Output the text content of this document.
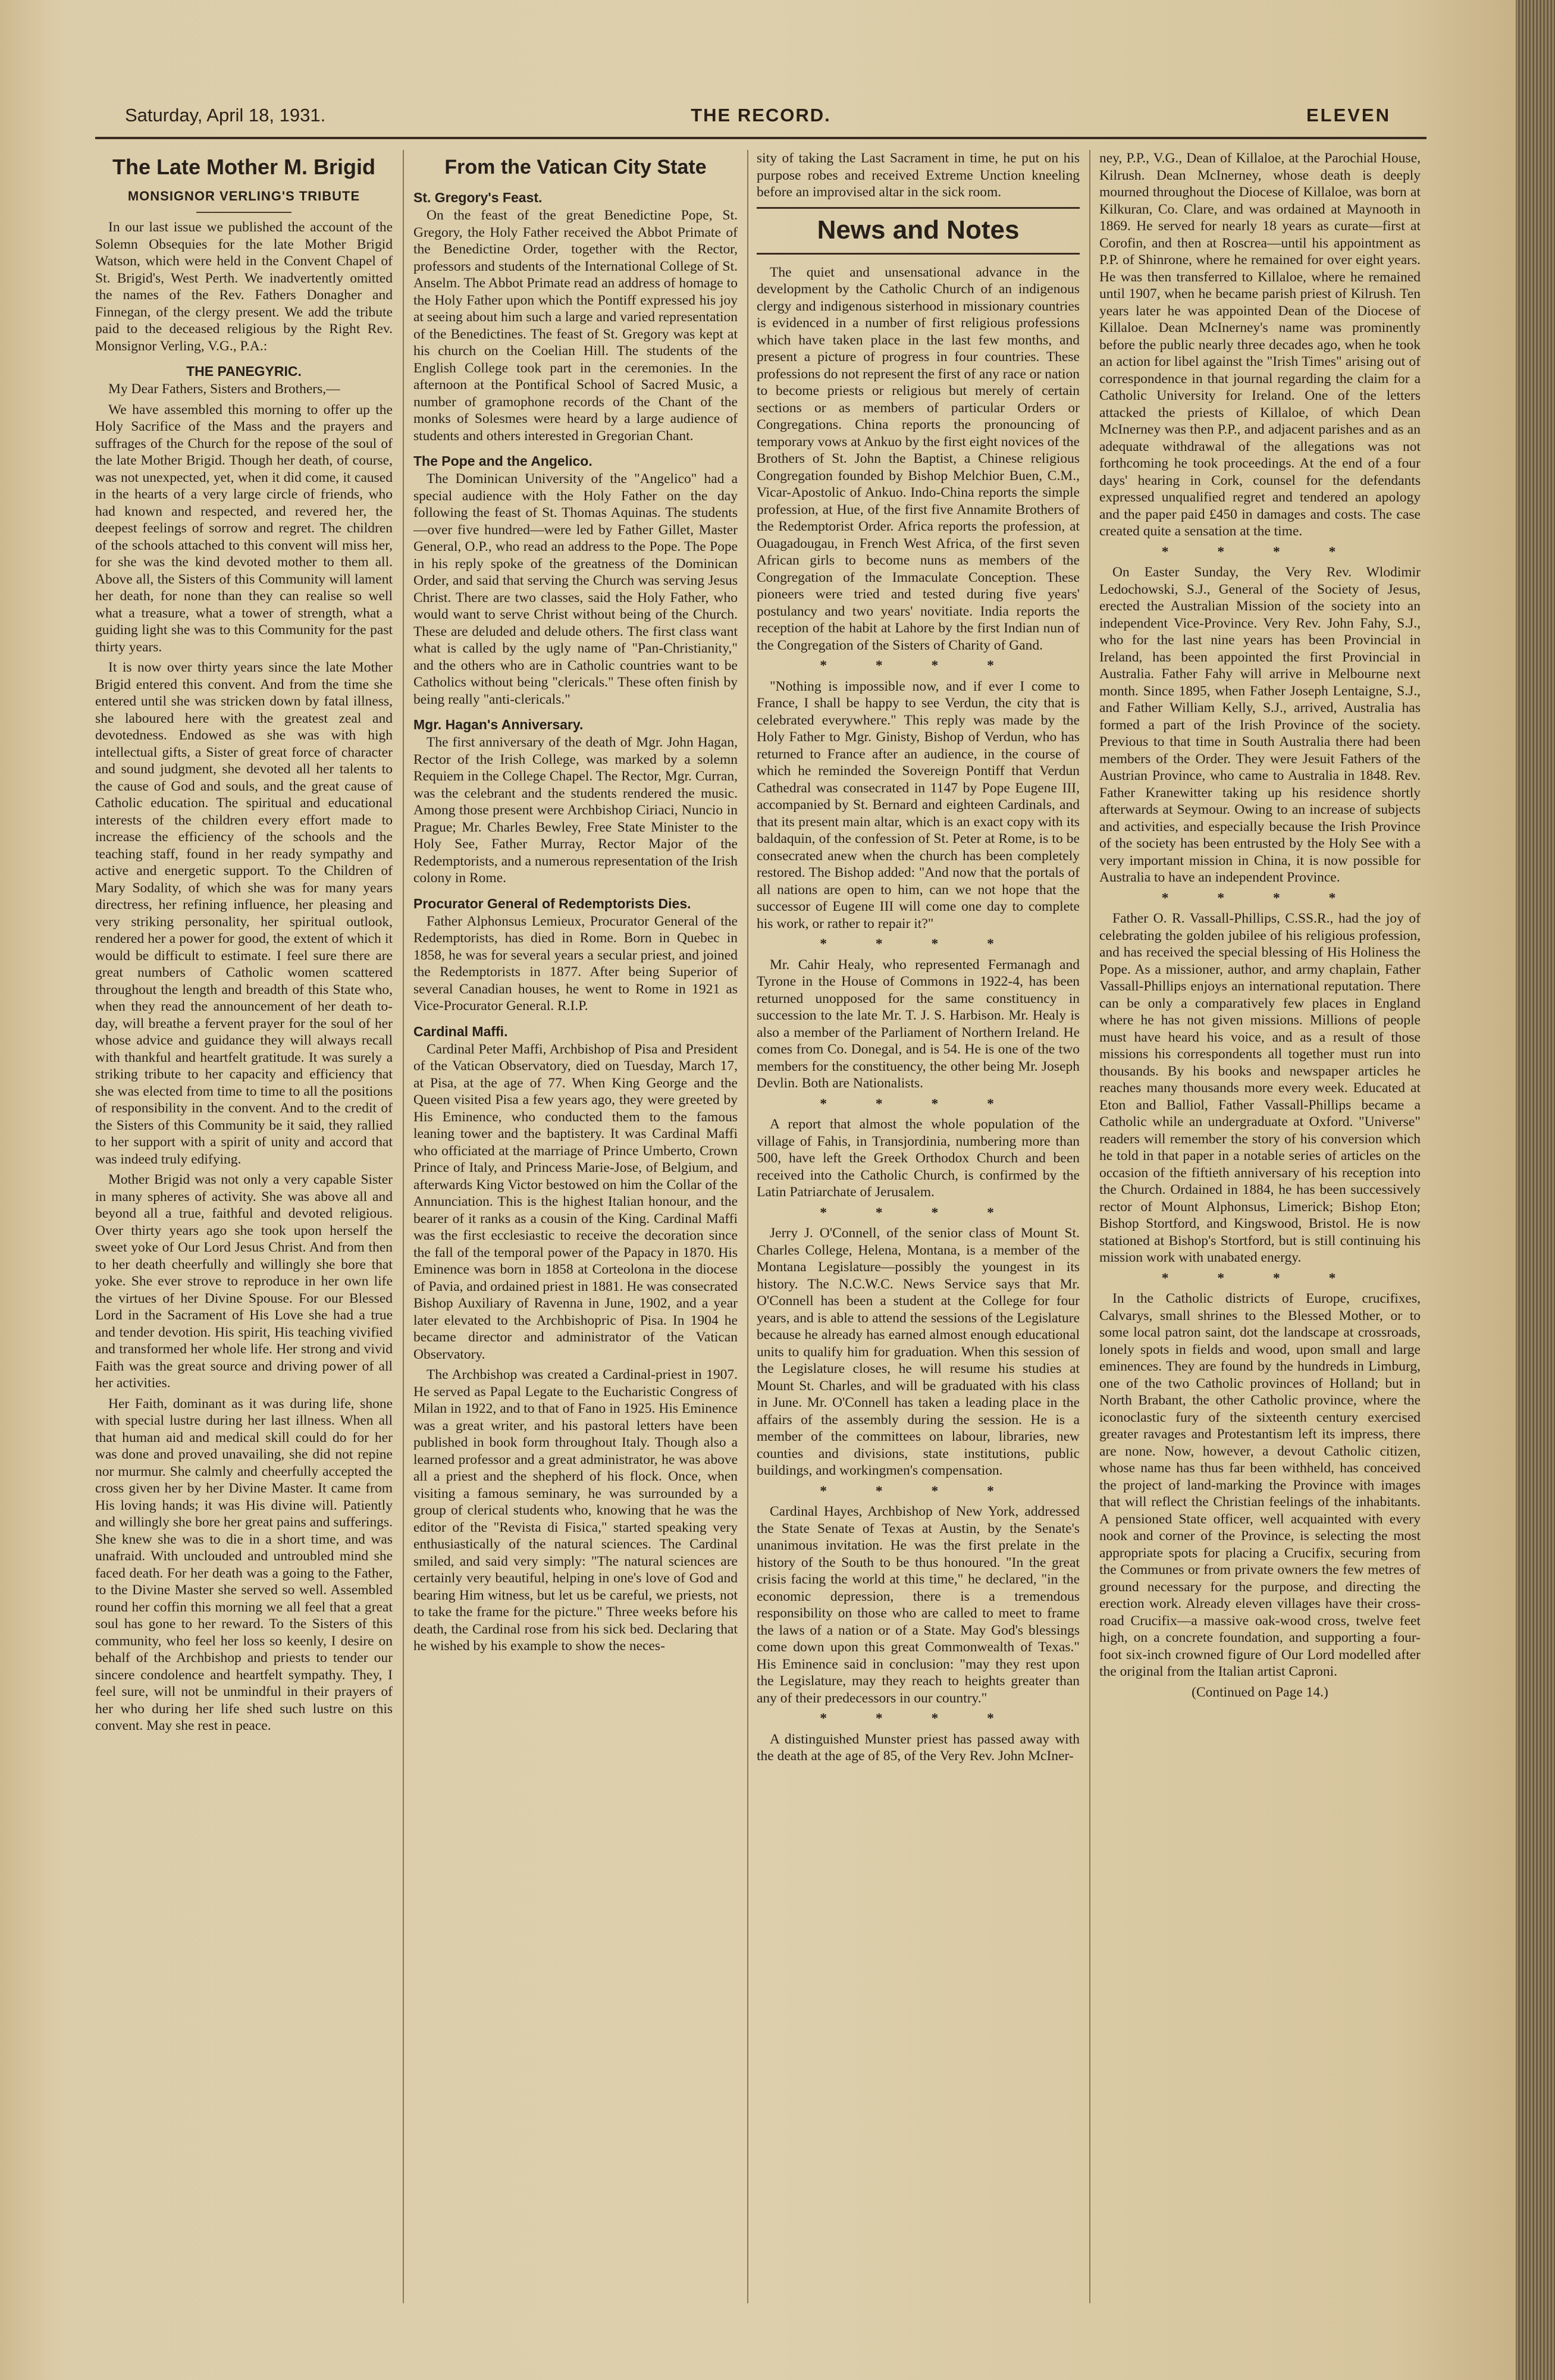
Saturday, April 18, 1931.	THE RECORD.	ELEVEN
The Late Mother M. Brigid
MONSIGNOR VERLING'S TRIBUTE

In our last issue we published the account of the Solemn Obsequies for the late Mother Brigid Watson, which were held in the Convent Chapel of St. Brigid's, West Perth. We inadvertently omitted the names of the Rev. Fathers Donagher and Finnegan, of the clergy present. We add the tribute paid to the deceased religious by the Right Rev. Monsignor Verling, V.G., P.A.:

THE PANEGYRIC.

My Dear Fathers, Sisters and Brothers,—

We have assembled this morning to offer up the Holy Sacrifice of the Mass and the prayers and suffrages of the Church for the repose of the soul of the late Mother Brigid. Though her death, of course, was not unexpected, yet, when it did come, it caused in the hearts of a very large circle of friends, who had known and respected, and revered her, the deepest feelings of sorrow and regret. The children of the schools attached to this convent will miss her, for she was the kind devoted mother to them all. Above all, the Sisters of this Community will lament her death, for none than they can realise so well what a treasure, what a tower of strength, what a guiding light she was to this Community for the past thirty years.

It is now over thirty years since the late Mother Brigid entered this convent. And from the time she entered until she was stricken down by fatal illness, she laboured here with the greatest zeal and devotedness. Endowed as she was with high intellectual gifts, a Sister of great force of character and sound judgment, she devoted all her talents to the cause of God and souls, and the great cause of Catholic education. The spiritual and educational interests of the children every effort made to increase the efficiency of the schools and the teaching staff, found in her ready sympathy and active and energetic support. To the Children of Mary Sodality, of which she was for many years directress, her refining influence, her pleasing and very striking personality, her spiritual outlook, rendered her a power for good, the extent of which it would be difficult to estimate. I feel sure there are great numbers of Catholic women scattered throughout the length and breadth of this State who, when they read the announcement of her death to-day, will breathe a fervent prayer for the soul of her whose advice and guidance they will always recall with thankful and heartfelt gratitude. It was surely a striking tribute to her capacity and efficiency that she was elected from time to time to all the positions of responsibility in the convent. And to the credit of the Sisters of this Community be it said, they rallied to her support with a spirit of unity and accord that was indeed truly edifying.

Mother Brigid was not only a very capable Sister in many spheres of activity. She was above all and beyond all a true, faithful and devoted religious. Over thirty years ago she took upon herself the sweet yoke of Our Lord Jesus Christ. And from then to her death cheerfully and willingly she bore that yoke. She ever strove to reproduce in her own life the virtues of her Divine Spouse. For our Blessed Lord in the Sacrament of His Love she had a true and tender devotion. His spirit, His teaching vivified and transformed her whole life. Her strong and vivid Faith was the great source and driving power of all her activities.

Her Faith, dominant as it was during life, shone with special lustre during her last illness. When all that human aid and medical skill could do for her was done and proved unavailing, she did not repine nor murmur. She calmly and cheerfully accepted the cross given her by her Divine Master. It came from His loving hands; it was His divine will. Patiently and willingly she bore her great pains and sufferings. She knew she was to die in a short time, and was unafraid. With unclouded and untroubled mind she faced death. For her death was a going to the Father, to the Divine Master she served so well. Assembled round her coffin this morning we all feel that a great soul has gone to her reward. To the Sisters of this community, who feel her loss so keenly, I desire on behalf of the Archbishop and priests to tender our sincere condolence and heartfelt sympathy. They, I feel sure, will not be unmindful in their prayers of her who during her life shed such lustre on this convent. May she rest in peace.

From the Vatican City State
St. Gregory's Feast.

On the feast of the great Benedictine Pope, St. Gregory, the Holy Father received the Abbot Primate of the Benedictine Order, together with the Rector, professors and students of the International College of St. Anselm. The Abbot Primate read an address of homage to the Holy Father upon which the Pontiff expressed his joy at seeing about him such a large and varied representation of the Benedictines. The feast of St. Gregory was kept at his church on the Coelian Hill. The students of the English College took part in the ceremonies. In the afternoon at the Pontifical School of Sacred Music, a number of gramophone records of the Chant of the monks of Solesmes were heard by a large audience of students and others interested in Gregorian Chant.

The Pope and the Angelico.

The Dominican University of the "Angelico" had a special audience with the Holy Father on the day following the feast of St. Thomas Aquinas. The students—over five hundred—were led by Father Gillet, Master General, O.P., who read an address to the Pope. The Pope in his reply spoke of the greatness of the Dominican Order, and said that serving the Church was serving Jesus Christ. There are two classes, said the Holy Father, who would want to serve Christ without being of the Church. These are deluded and delude others. The first class want what is called by the ugly name of "Pan-Christianity," and the others who are in Catholic countries want to be Catholics without being "clericals." These often finish by being really "anti-clericals."

Mgr. Hagan's Anniversary.

The first anniversary of the death of Mgr. John Hagan, Rector of the Irish College, was marked by a solemn Requiem in the College Chapel. The Rector, Mgr. Curran, was the celebrant and the students rendered the music. Among those present were Archbishop Ciriaci, Nuncio in Prague; Mr. Charles Bewley, Free State Minister to the Holy See, Father Murray, Rector Major of the Redemptorists, and a numerous representation of the Irish colony in Rome.

Procurator General of Redemptorists Dies.

Father Alphonsus Lemieux, Procurator General of the Redemptorists, has died in Rome. Born in Quebec in 1858, he was for several years a secular priest, and joined the Redemptorists in 1877. After being Superior of several Canadian houses, he went to Rome in 1921 as Vice-Procurator General. R.I.P.

Cardinal Maffi.

Cardinal Peter Maffi, Archbishop of Pisa and President of the Vatican Observatory, died on Tuesday, March 17, at Pisa, at the age of 77. When King George and the Queen visited Pisa a few years ago, they were greeted by His Eminence, who conducted them to the famous leaning tower and the baptistery. It was Cardinal Maffi who officiated at the marriage of Prince Umberto, Crown Prince of Italy, and Princess Marie-Jose, of Belgium, and afterwards King Victor bestowed on him the Collar of the Annunciation. This is the highest Italian honour, and the bearer of it ranks as a cousin of the King. Cardinal Maffi was the first ecclesiastic to receive the decoration since the fall of the temporal power of the Papacy in 1870. His Eminence was born in 1858 at Corteolona in the diocese of Pavia, and ordained priest in 1881. He was consecrated Bishop Auxiliary of Ravenna in June, 1902, and a year later elevated to the Archbishopric of Pisa. In 1904 he became director and administrator of the Vatican Observatory.

The Archbishop was created a Cardinal-priest in 1907. He served as Papal Legate to the Eucharistic Congress of Milan in 1922, and to that of Fano in 1925. His Eminence was a great writer, and his pastoral letters have been published in book form throughout Italy. Though also a learned professor and a great administrator, he was above all a priest and the shepherd of his flock. Once, when visiting a famous seminary, he was surrounded by a group of clerical students who, knowing that he was the editor of the "Revista di Fisica," started speaking very enthusiastically of the natural sciences. The Cardinal smiled, and said very simply: "The natural sciences are certainly very beautiful, helping in one's love of God and bearing Him witness, but let us be careful, we priests, not to take the frame for the picture." Three weeks before his death, the Cardinal rose from his sick bed. Declaring that he wished by his example to show the neces-

sity of taking the Last Sacrament in time, he put on his purpose robes and received Extreme Unction kneeling before an improvised altar in the sick room.

News and Notes

The quiet and unsensational advance in the development by the Catholic Church of an indigenous clergy and indigenous sisterhood in missionary countries is evidenced in a number of first religious professions which have taken place in the last few months, and present a picture of progress in four countries. These professions do not represent the first of any race or nation to become priests or religious but merely of certain sections or as members of particular Orders or Congregations. China reports the pronouncing of temporary vows at Ankuo by the first eight novices of the Brothers of St. John the Baptist, a Chinese religious Congregation founded by Bishop Melchior Buen, C.M., Vicar-Apostolic of Ankuo. Indo-China reports the simple profession, at Hue, of the first five Annamite Brothers of the Redemptorist Order. Africa reports the profession, at Ouagadougau, in French West Africa, of the first seven African girls to become nuns as members of the Congregation of the Immaculate Conception. These pioneers were tried and tested during five years' postulancy and two years' novitiate. India reports the reception of the habit at Lahore by the first Indian nun of the Congregation of the Sisters of Charity of Gand.

* * * *

"Nothing is impossible now, and if ever I come to France, I shall be happy to see Verdun, the city that is celebrated everywhere." This reply was made by the Holy Father to Mgr. Ginisty, Bishop of Verdun, who has returned to France after an audience, in the course of which he reminded the Sovereign Pontiff that Verdun Cathedral was consecrated in 1147 by Pope Eugene III, accompanied by St. Bernard and eighteen Cardinals, and that its present main altar, which is an exact copy with its baldaquin, of the confession of St. Peter at Rome, is to be consecrated anew when the church has been completely restored. The Bishop added: "And now that the portals of all nations are open to him, can we not hope that the successor of Eugene III will come one day to complete his work, or rather to repair it?"

* * * *

Mr. Cahir Healy, who represented Fermanagh and Tyrone in the House of Commons in 1922-4, has been returned unopposed for the same constituency in succession to the late Mr. T. J. S. Harbison. Mr. Healy is also a member of the Parliament of Northern Ireland. He comes from Co. Donegal, and is 54. He is one of the two members for the constituency, the other being Mr. Joseph Devlin. Both are Nationalists.

* * * *

A report that almost the whole population of the village of Fahis, in Transjordinia, numbering more than 500, have left the Greek Orthodox Church and been received into the Catholic Church, is confirmed by the Latin Patriarchate of Jerusalem.

* * * *

Jerry J. O'Connell, of the senior class of Mount St. Charles College, Helena, Montana, is a member of the Montana Legislature—possibly the youngest in its history. The N.C.W.C. News Service says that Mr. O'Connell has been a student at the College for four years, and is able to attend the sessions of the Legislature because he already has earned almost enough educational units to qualify him for graduation. When this session of the Legislature closes, he will resume his studies at Mount St. Charles, and will be graduated with his class in June. Mr. O'Connell has taken a leading place in the affairs of the assembly during the session. He is a member of the committees on labour, libraries, new counties and divisions, state institutions, public buildings, and workingmen's compensation.

* * * *

Cardinal Hayes, Archbishop of New York, addressed the State Senate of Texas at Austin, by the Senate's unanimous invitation. He was the first prelate in the history of the South to be thus honoured. "In the great crisis facing the world at this time," he declared, "in the economic depression, there is a tremendous responsibility on those who are called to meet to frame the laws of a nation or of a State. May God's blessings come down upon this great Commonwealth of Texas." His Eminence said in conclusion: "may they rest upon the Legislature, may they reach to heights greater than any of their predecessors in our country."

* * * *

A distinguished Munster priest has passed away with the death at the age of 85, of the Very Rev. John McIner-

ney, P.P., V.G., Dean of Killaloe, at the Parochial House, Kilrush. Dean McInerney, whose death is deeply mourned throughout the Diocese of Killaloe, was born at Kilkuran, Co. Clare, and was ordained at Maynooth in 1869. He served for nearly 18 years as curate—first at Corofin, and then at Roscrea—until his appointment as P.P. of Shinrone, where he remained for over eight years. He was then transferred to Killaloe, where he remained until 1907, when he became parish priest of Kilrush. Ten years later he was appointed Dean of the Diocese of Killaloe. Dean McInerney's name was prominently before the public nearly three decades ago, when he took an action for libel against the "Irish Times" arising out of correspondence in that journal regarding the claim for a Catholic University for Ireland. One of the letters attacked the priests of Killaloe, of which Dean McInerney was then P.P., and adjacent parishes and as an adequate withdrawal of the allegations was not forthcoming he took proceedings. At the end of a four days' hearing in Cork, counsel for the defendants expressed unqualified regret and tendered an apology and the paper paid £450 in damages and costs. The case created quite a sensation at the time.

* * * *

On Easter Sunday, the Very Rev. Wlodimir Ledochowski, S.J., General of the Society of Jesus, erected the Australian Mission of the society into an independent Vice-Province. Very Rev. John Fahy, S.J., who for the last nine years has been Provincial in Ireland, has been appointed the first Provincial in Australia. Father Fahy will arrive in Melbourne next month. Since 1895, when Father Joseph Lentaigne, S.J., and Father William Kelly, S.J., arrived, Australia has formed a part of the Irish Province of the society. Previous to that time in South Australia there had been members of the Order. They were Jesuit Fathers of the Austrian Province, who came to Australia in 1848. Rev. Father Kranewitter taking up his residence shortly afterwards at Seymour. Owing to an increase of subjects and activities, and especially because the Irish Province of the society has been entrusted by the Holy See with a very important mission in China, it is now possible for Australia to have an independent Province.

* * * *

Father O. R. Vassall-Phillips, C.SS.R., had the joy of celebrating the golden jubilee of his religious profession, and has received the special blessing of His Holiness the Pope. As a missioner, author, and army chaplain, Father Vassall-Phillips enjoys an international reputation. There can be only a comparatively few places in England where he has not given missions. Millions of people must have heard his voice, and as a result of those missions his correspondents all together must run into thousands. By his books and newspaper articles he reaches many thousands more every week. Educated at Eton and Balliol, Father Vassall-Phillips became a Catholic while an undergraduate at Oxford. "Universe" readers will remember the story of his conversion which he told in that paper in a notable series of articles on the occasion of the fiftieth anniversary of his reception into the Church. Ordained in 1884, he has been successively rector of Mount Alphonsus, Limerick; Bishop Eton; Bishop Stortford, and Kingswood, Bristol. He is now stationed at Bishop's Stortford, but is still continuing his mission work with unabated energy.

* * * *

In the Catholic districts of Europe, crucifixes, Calvarys, small shrines to the Blessed Mother, or to some local patron saint, dot the landscape at crossroads, lonely spots in fields and wood, upon small and large eminences. They are found by the hundreds in Limburg, one of the two Catholic provinces of Holland; but in North Brabant, the other Catholic province, where the iconoclastic fury of the sixteenth century exercised greater ravages and Protestantism left its impress, there are none. Now, however, a devout Catholic citizen, whose name has thus far been withheld, has conceived the project of land-marking the Province with images that will reflect the Christian feelings of the inhabitants. A pensioned State officer, well acquainted with every nook and corner of the Province, is selecting the most appropriate spots for placing a Crucifix, securing from the Communes or from private owners the few metres of ground necessary for the purpose, and directing the erection work. Already eleven villages have their cross-road Crucifix—a massive oak-wood cross, twelve feet high, on a concrete foundation, and supporting a four-foot six-inch crowned figure of Our Lord modelled after the original from the Italian artist Caproni.

(Continued on Page 14.)
